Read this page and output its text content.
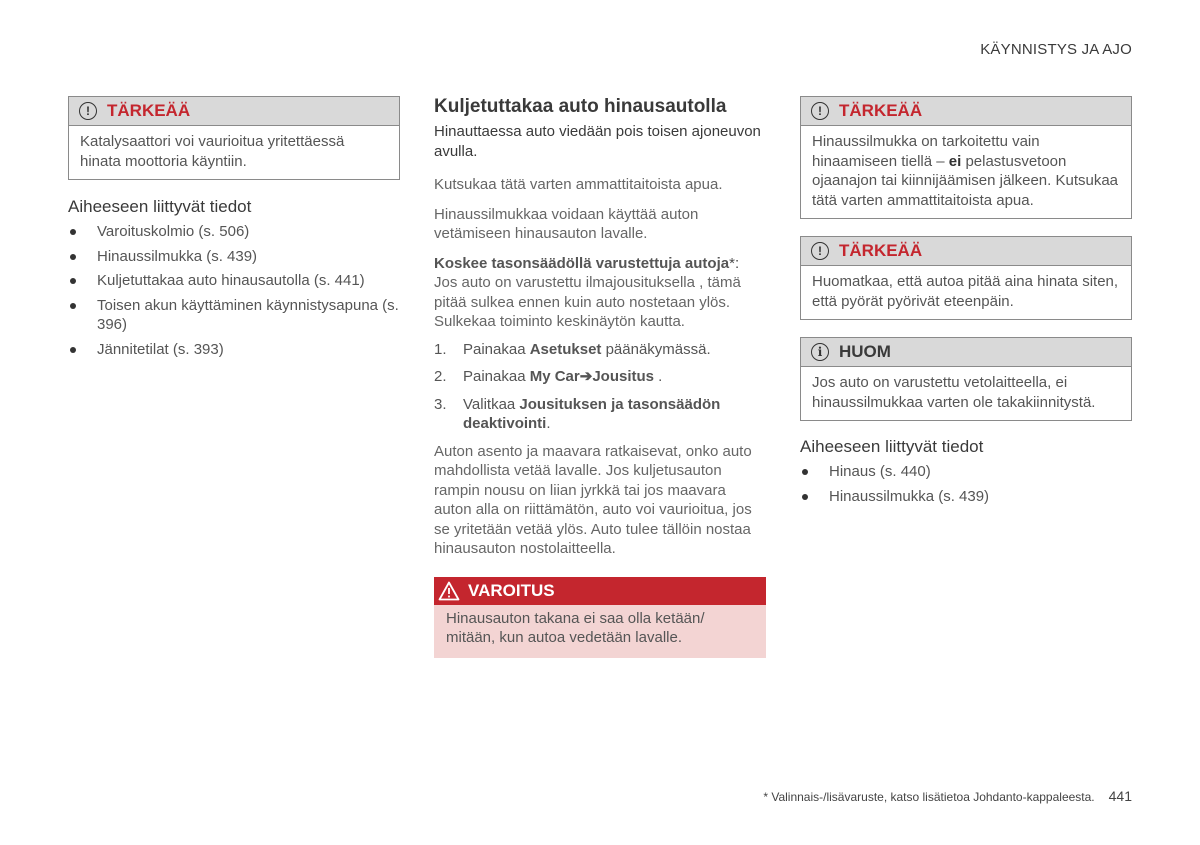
KÄYNNISTYS JA AJO
!	TÄRKEÄÄ
Katalysaattori voi vaurioitua yritettäessä hinata moottoria käyntiin.
Aiheeseen liittyvät tiedot
Varoituskolmio (s. 506)
Hinaussilmukka (s. 439)
Kuljetuttakaa auto hinausautolla (s. 441)
Toisen akun käyttäminen käynnistysapuna (s. 396)
Jännitetilat (s. 393)
Kuljetuttakaa auto hinausautolla

Hinauttaessa auto viedään pois toisen ajoneuvon avulla.

Kutsukaa tätä varten ammattitaitoista apua.

Hinaussilmukkaa voidaan käyttää auton vetämiseen hinausauton lavalle.

Koskee tasonsäädöllä varustettuja autoja*: Jos auto on varustettu ilmajousituksella , tämä pitää sulkea ennen kuin auto nostetaan ylös. Sulkekaa toiminto keskinäytön kautta.

1.	Painakaa Asetukset päänäkymässä.
2.	Painakaa My Car➔Jousitus .
3.	Valitkaa Jousituksen ja tasonsäädön deaktivointi.

Auton asento ja maavara ratkaisevat, onko auto mahdollista vetää lavalle. Jos kuljetusauton rampin nousu on liian jyrkkä tai jos maavara auton alla on riittämätön, auto voi vaurioitua, jos se yritetään vetää ylös. Auto tulee tällöin nostaa hinausauton nostolaitteella.

VAROITUS
Hinausauton takana ei saa olla ketään/ mitään, kun autoa vedetään lavalle.
!	TÄRKEÄÄ
Hinaussilmukka on tarkoitettu vain hinaamiseen tiellä – ei pelastusvetoon ojaanajon tai kiinnijäämisen jälkeen. Kutsukaa tätä varten ammattitaitoista apua.
!	TÄRKEÄÄ
Huomatkaa, että autoa pitää aina hinata siten, että pyörät pyörivät eteenpäin.
i HUOM
Jos auto on varustettu vetolaitteella, ei hinaussilmukkaa varten ole takakiinnitystä.
Aiheeseen liittyvät tiedot
Hinaus (s. 440)
Hinaussilmukka (s. 439)
* Valinnais-/lisävaruste, katso lisätietoa Johdanto-kappaleesta. 441
